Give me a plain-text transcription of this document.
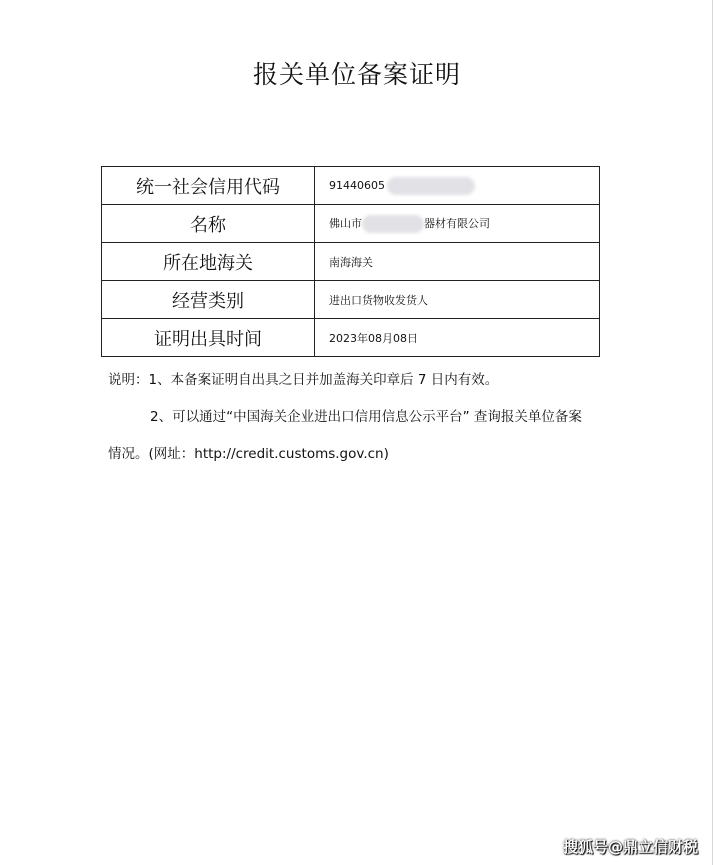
报关单位备案证明
统一社会信用代码	91440605
名称	佛山市 器材有限公司
所在地海关	南海海关
经营类别	进出口货物收发货人
证明出具时间	2023年08月08日
说明：1、本备案证明自出具之日并加盖海关印章后 7 日内有效。
2、可以通过“中国海关企业进出口信用信息公示平台” 查询报关单位备案
情况。(网址：http://credit.customs.gov.cn)
搜狐号@鼎立信财税
